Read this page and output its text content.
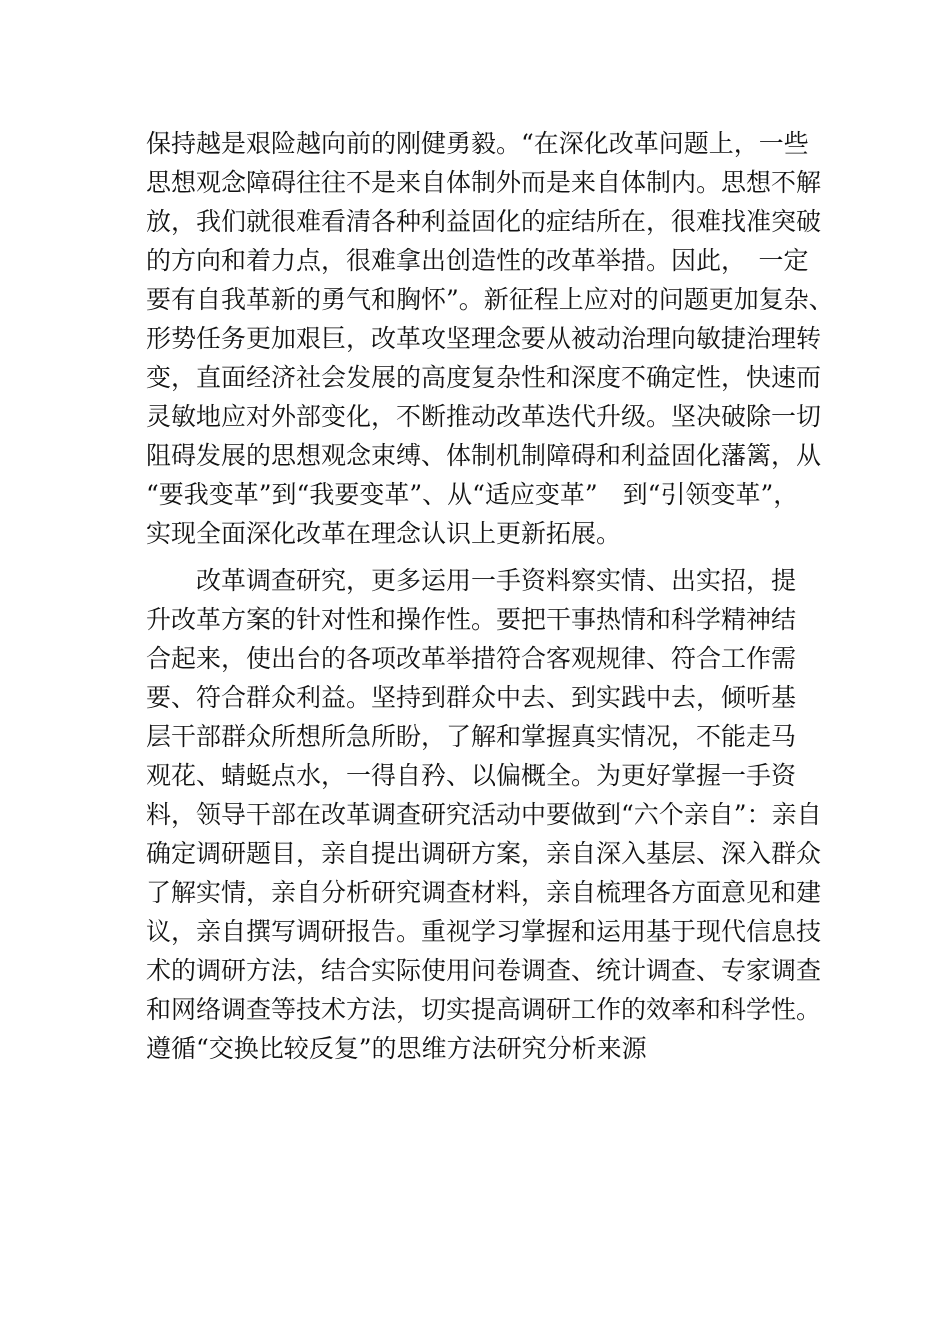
保持越是艰险越向前的刚健勇毅。“在深化改革问题上，一些
思想观念障碍往往不是来自体制外而是来自体制内。思想不解
放，我们就很难看清各种利益固化的症结所在，很难找准突破
的方向和着力点，很难拿出创造性的改革举措。因此，　一定
要有自我革新的勇气和胸怀”。新征程上应对的问题更加复杂、
形势任务更加艰巨，改革攻坚理念要从被动治理向敏捷治理转
变，直面经济社会发展的高度复杂性和深度不确定性，快速而
灵敏地应对外部变化，不断推动改革迭代升级。坚决破除一切
阻碍发展的思想观念束缚、体制机制障碍和利益固化藩篱，从
“要我变革”到“我要变革”、从“适应变革”　到“引领变革”，
实现全面深化改革在理念认识上更新拓展。
　　改革调查研究，更多运用一手资料察实情、出实招，提
升改革方案的针对性和操作性。要把干事热情和科学精神结
合起来，使出台的各项改革举措符合客观规律、符合工作需
要、符合群众利益。坚持到群众中去、到实践中去，倾听基
层干部群众所想所急所盼，了解和掌握真实情况，不能走马
观花、蜻蜓点水，一得自矜、以偏概全。为更好掌握一手资
料，领导干部在改革调查研究活动中要做到“六个亲自”：亲自
确定调研题目，亲自提出调研方案，亲自深入基层、深入群众
了解实情，亲自分析研究调查材料，亲自梳理各方面意见和建
议，亲自撰写调研报告。重视学习掌握和运用基于现代信息技
术的调研方法，结合实际使用问卷调查、统计调查、专家调查
和网络调查等技术方法，切实提高调研工作的效率和科学性。
遵循“交换比较反复”的思维方法研究分析来源
